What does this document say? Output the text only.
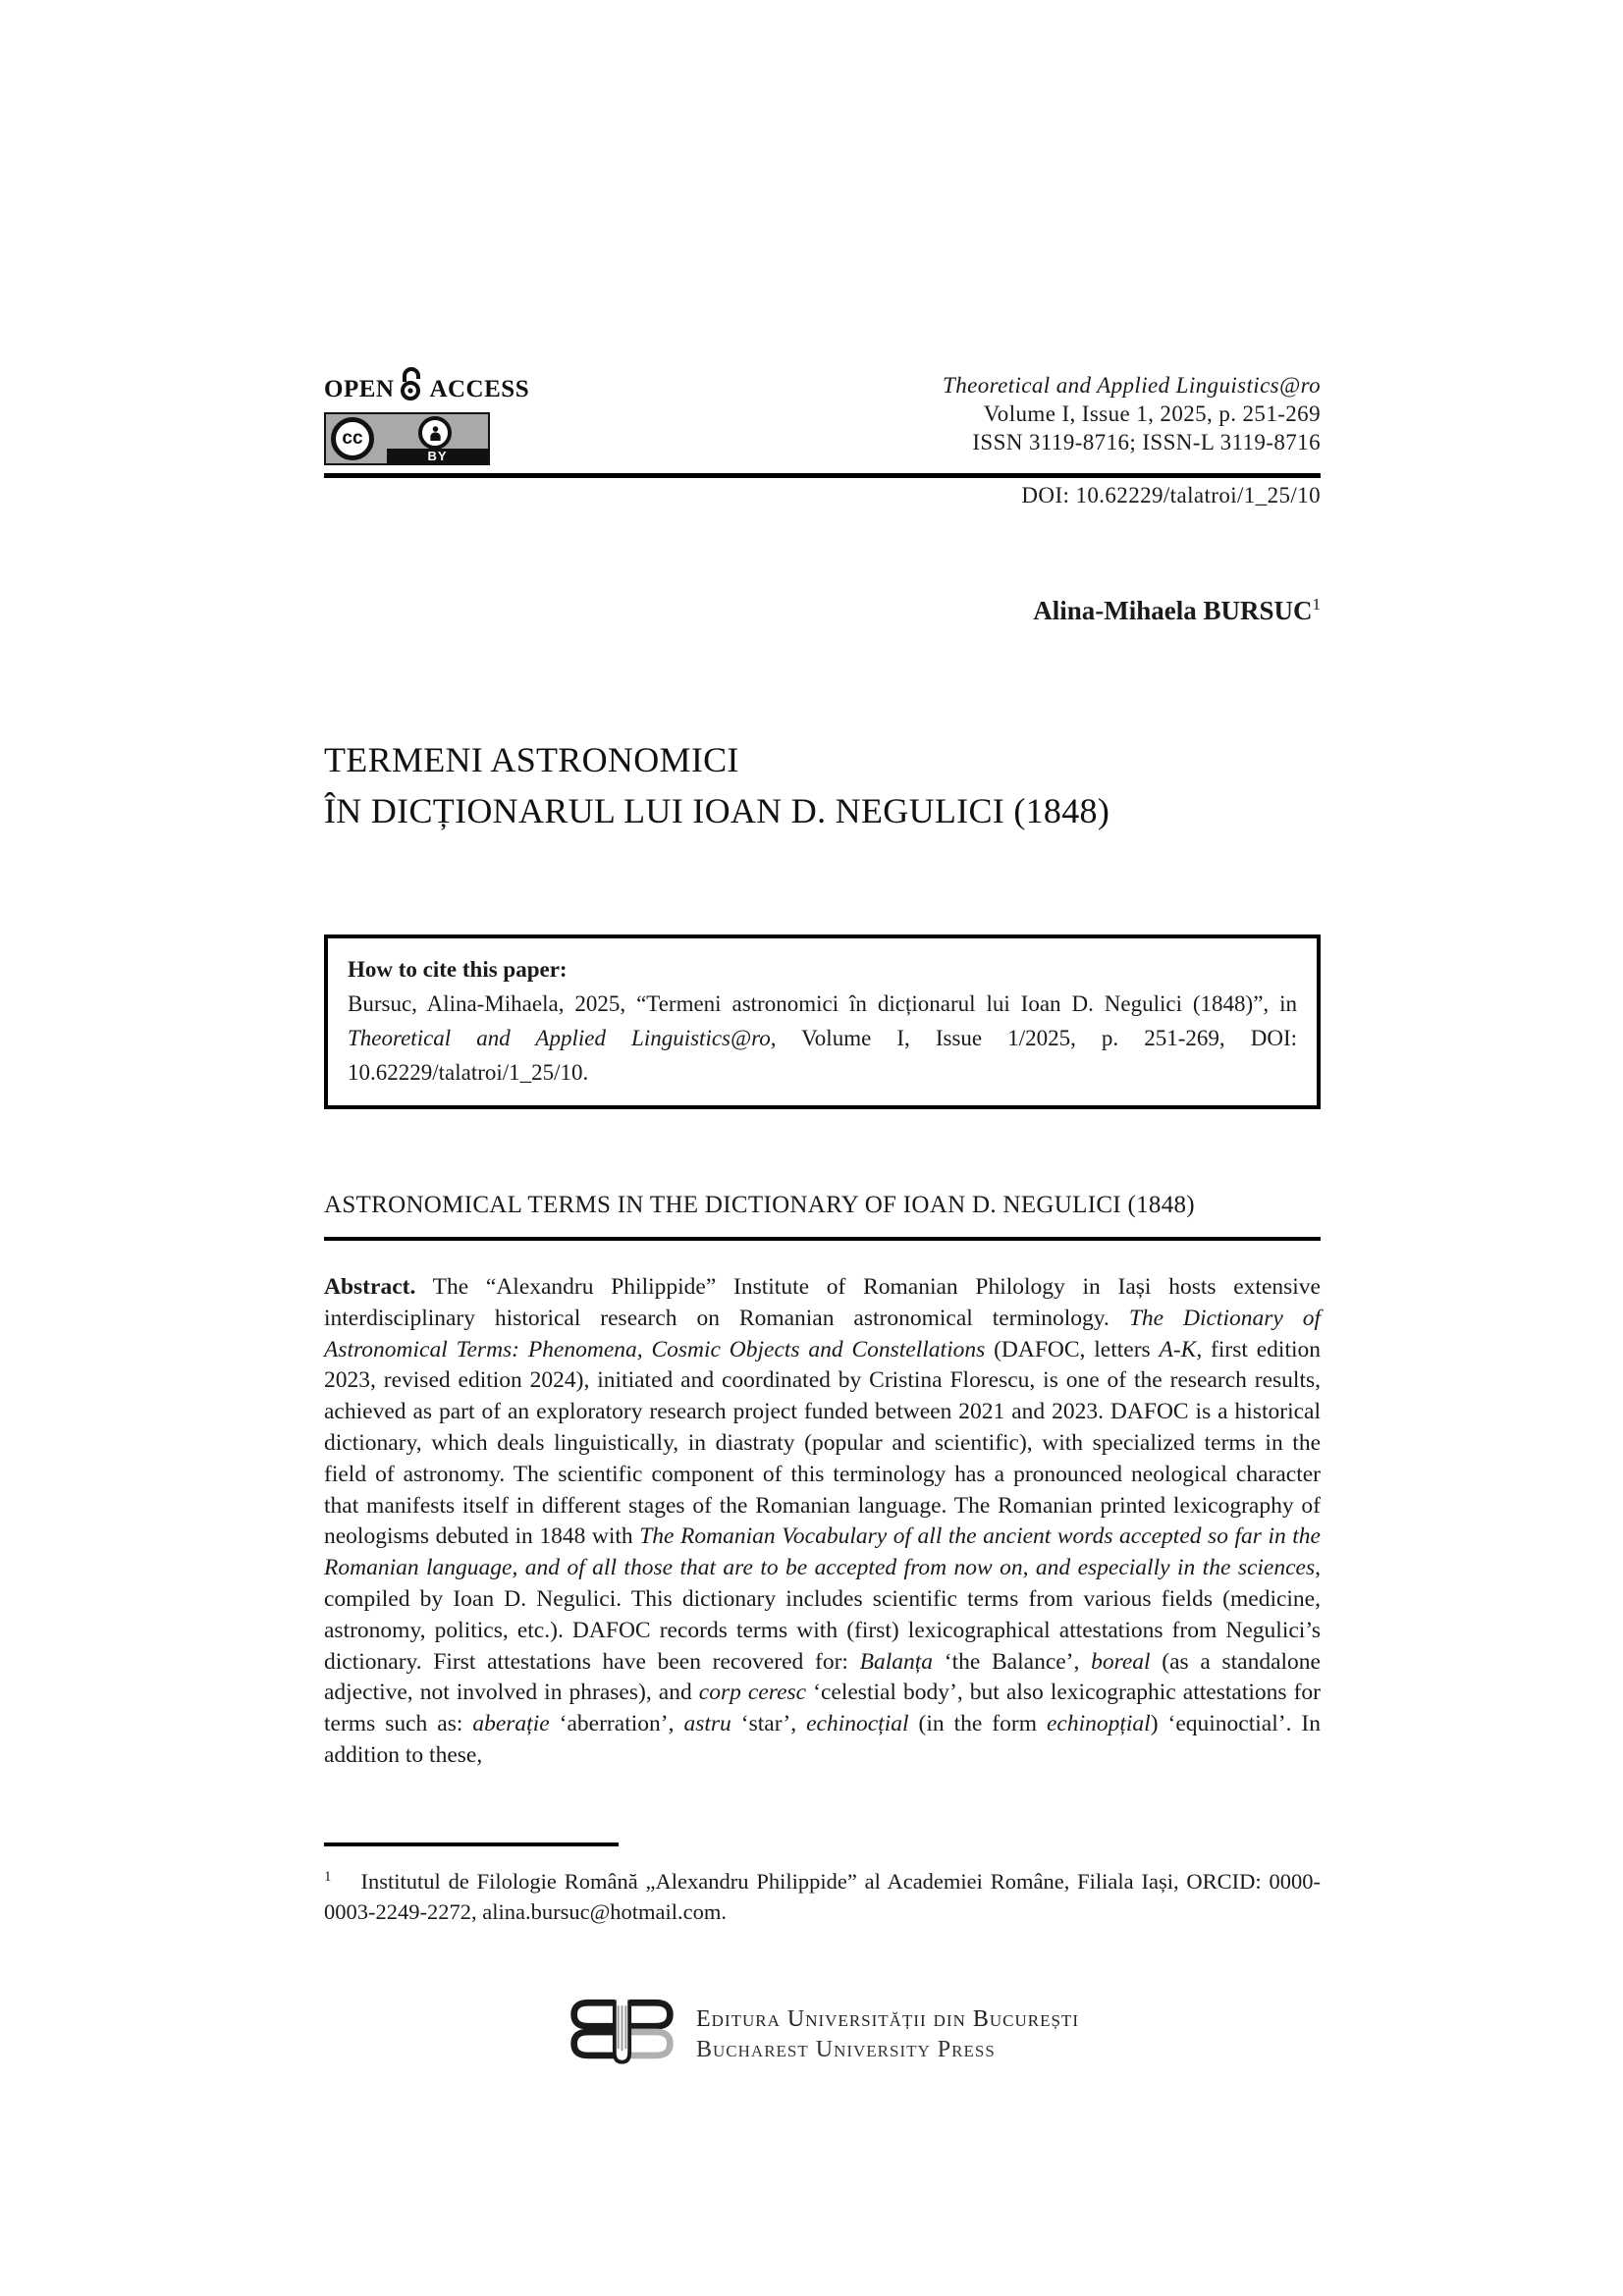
OPEN ACCESS
cc
BY
Theoretical and Applied Linguistics@ro
Volume I, Issue 1, 2025, p. 251-269
ISSN 3119-8716; ISSN-L 3119-8716
DOI: 10.62229/talatroi/1_25/10
Alina-Mihaela BURSUC$^1$
TERMENI ASTRONOMICI
ÎN DICȚIONARUL LUI IOAN D. NEGULICI (1848)
How to cite this paper:
Bursuc, Alina-Mihaela, 2025, “Termeni astronomici în dicționarul lui Ioan D. Negulici (1848)”, in Theoretical and Applied Linguistics@ro, Volume I, Issue 1/2025, p. 251-269, DOI: 10.62229/talatroi/1_25/10.
ASTRONOMICAL TERMS IN THE DICTIONARY OF IOAN D. NEGULICI (1848)
Abstract. The “Alexandru Philippide” Institute of Romanian Philology in Iași hosts extensive interdisciplinary historical research on Romanian astronomical terminology. The Dictionary of Astronomical Terms: Phenomena, Cosmic Objects and Constellations (DAFOC, letters A-K, first edition 2023, revised edition 2024), initiated and coordinated by Cristina Florescu, is one of the research results, achieved as part of an exploratory research project funded between 2021 and 2023. DAFOC is a historical dictionary, which deals linguistically, in diastraty (popular and scientific), with specialized terms in the field of astronomy. The scientific component of this terminology has a pronounced neological character that manifests itself in different stages of the Romanian language. The Romanian printed lexicography of neologisms debuted in 1848 with The Romanian Vocabulary of all the ancient words accepted so far in the Romanian language, and of all those that are to be accepted from now on, and especially in the sciences, compiled by Ioan D. Negulici. This dictionary includes scientific terms from various fields (medicine, astronomy, politics, etc.). DAFOC records terms with (first) lexicographical attestations from Negulici’s dictionary. First attestations have been recovered for: Balanța ‘the Balance’, boreal (as a standalone adjective, not involved in phrases), and corp ceresc ‘celestial body’, but also lexicographic attestations for terms such as: aberație ‘aberration’, astru ‘star’, echinocțial (in the form echinopțial) ‘equinoctial’. In addition to these,
$^1$ Institutul de Filologie Română „Alexandru Philippide” al Academiei Române, Filiala Iași, ORCID: 0000-0003-2249-2272, alina.bursuc@hotmail.com.
Editura Universității din București
Bucharest University Press
